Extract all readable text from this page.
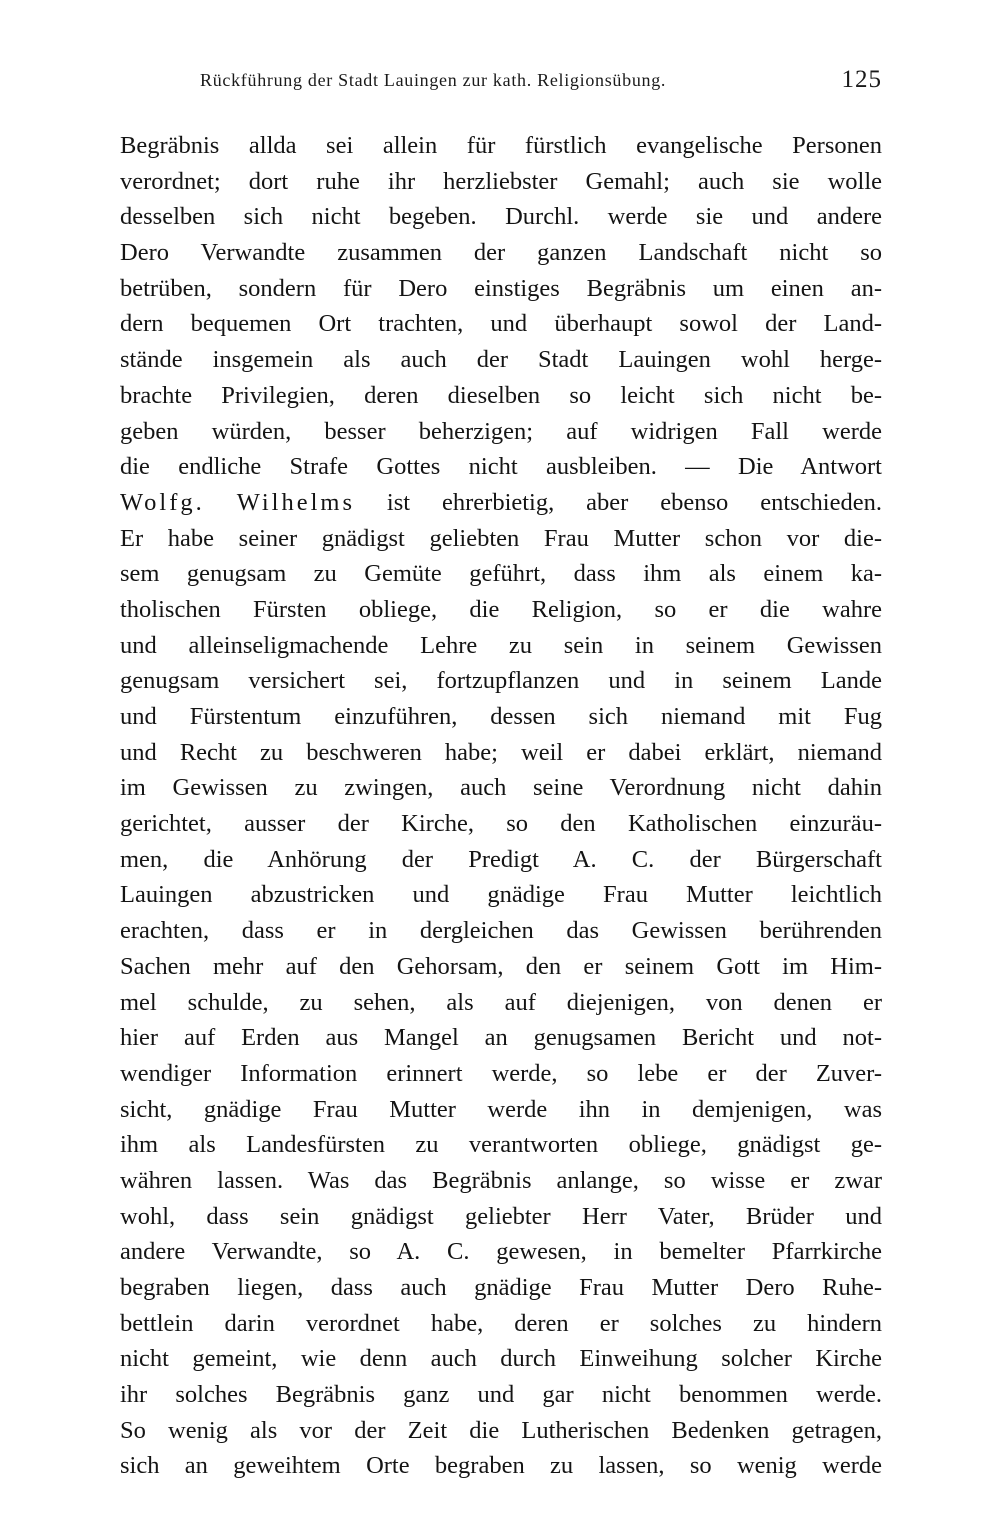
Rückführung der Stadt Lauingen zur kath. Religionsübung.	125
Begräbnis allda sei allein für fürstlich evangelische Personen
verordnet; dort ruhe ihr herzliebster Gemahl; auch sie wolle
desselben sich nicht begeben. Durchl. werde sie und andere
Dero Verwandte zusammen der ganzen Landschaft nicht so
betrüben, sondern für Dero einstiges Begräbnis um einen an-
dern bequemen Ort trachten, und überhaupt sowol der Land-
stände insgemein als auch der Stadt Lauingen wohl herge-
brachte Privilegien, deren dieselben so leicht sich nicht be-
geben würden, besser beherzigen; auf widrigen Fall werde
die endliche Strafe Gottes nicht ausbleiben. — Die Antwort
Wolfg. Wilhelms ist ehrerbietig, aber ebenso entschieden.
Er habe seiner gnädigst geliebten Frau Mutter schon vor die-
sem genugsam zu Gemüte geführt, dass ihm als einem ka-
tholischen Fürsten obliege, die Religion, so er die wahre
und alleinseligmachende Lehre zu sein in seinem Gewissen
genugsam versichert sei, fortzupflanzen und in seinem Lande
und Fürstentum einzuführen, dessen sich niemand mit Fug
und Recht zu beschweren habe; weil er dabei erklärt, niemand
im Gewissen zu zwingen, auch seine Verordnung nicht dahin
gerichtet, ausser der Kirche, so den Katholischen einzuräu-
men, die Anhörung der Predigt A. C. der Bürgerschaft
Lauingen abzustricken und gnädige Frau Mutter leichtlich
erachten, dass er in dergleichen das Gewissen berührenden
Sachen mehr auf den Gehorsam, den er seinem Gott im Him-
mel schulde, zu sehen, als auf diejenigen, von denen er
hier auf Erden aus Mangel an genugsamen Bericht und not-
wendiger Information erinnert werde, so lebe er der Zuver-
sicht, gnädige Frau Mutter werde ihn in demjenigen, was
ihm als Landesfürsten zu verantworten obliege, gnädigst ge-
währen lassen. Was das Begräbnis anlange, so wisse er zwar
wohl, dass sein gnädigst geliebter Herr Vater, Brüder und
andere Verwandte, so A. C. gewesen, in bemelter Pfarrkirche
begraben liegen, dass auch gnädige Frau Mutter Dero Ruhe-
bettlein darin verordnet habe, deren er solches zu hindern
nicht gemeint, wie denn auch durch Einweihung solcher Kirche
ihr solches Begräbnis ganz und gar nicht benommen werde.
So wenig als vor der Zeit die Lutherischen Bedenken getragen,
sich an geweihtem Orte begraben zu lassen, so wenig werde
